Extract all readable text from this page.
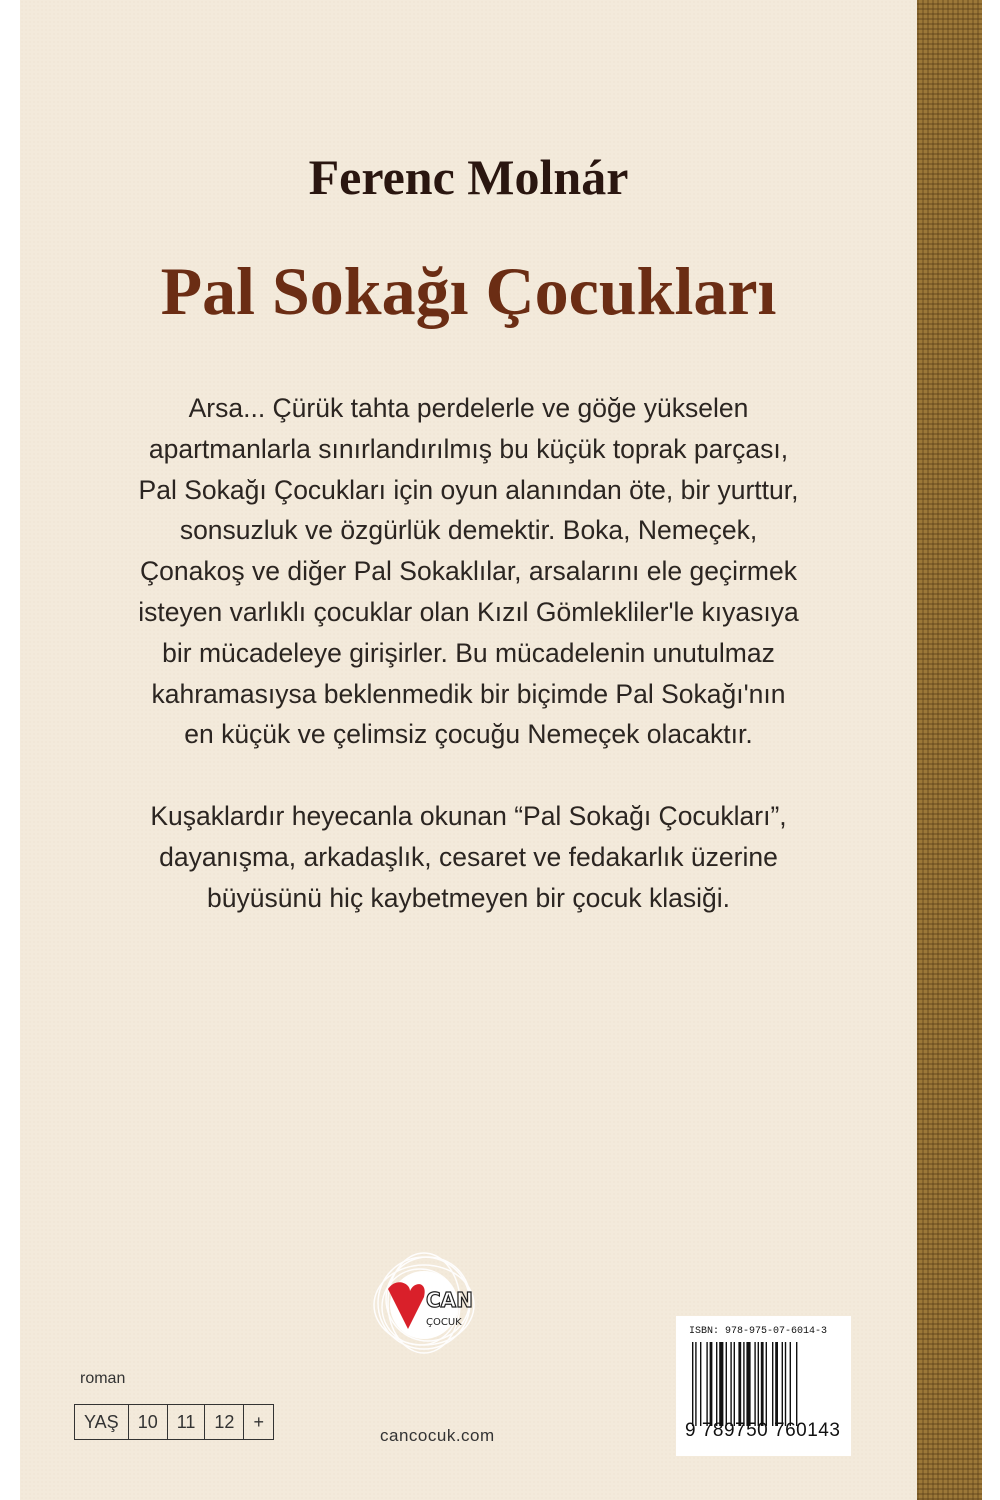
Ferenc Molnár
Pal Sokağı Çocukları

Arsa... Çürük tahta perdelerle ve göğe yükselen
apartmanlarla sınırlandırılmış bu küçük toprak parçası,
Pal Sokağı Çocukları için oyun alanından öte, bir yurttur,
sonsuzluk ve özgürlük demektir. Boka, Nemeçek,
Çonakoş ve diğer Pal Sokaklılar, arsalarını ele geçirmek
isteyen varlıklı çocuklar olan Kızıl Gömlekliler'le kıyasıya
bir mücadeleye girişirler. Bu mücadelenin unutulmaz
kahramasıysa beklenmedik bir biçimde Pal Sokağı'nın
en küçük ve çelimsiz çocuğu Nemeçek olacaktır.

Kuşaklardır heyecanla okunan “Pal Sokağı Çocukları”,
dayanışma, arkadaşlık, cesaret ve fedakarlık üzerine
büyüsünü hiç kaybetmeyen bir çocuk klasiği.

roman
YAŞ	10	11	12	+
CAN
ÇOCUK
cancocuk.com
ISBN: 978-975-07-6014-3
9 789750 760143
